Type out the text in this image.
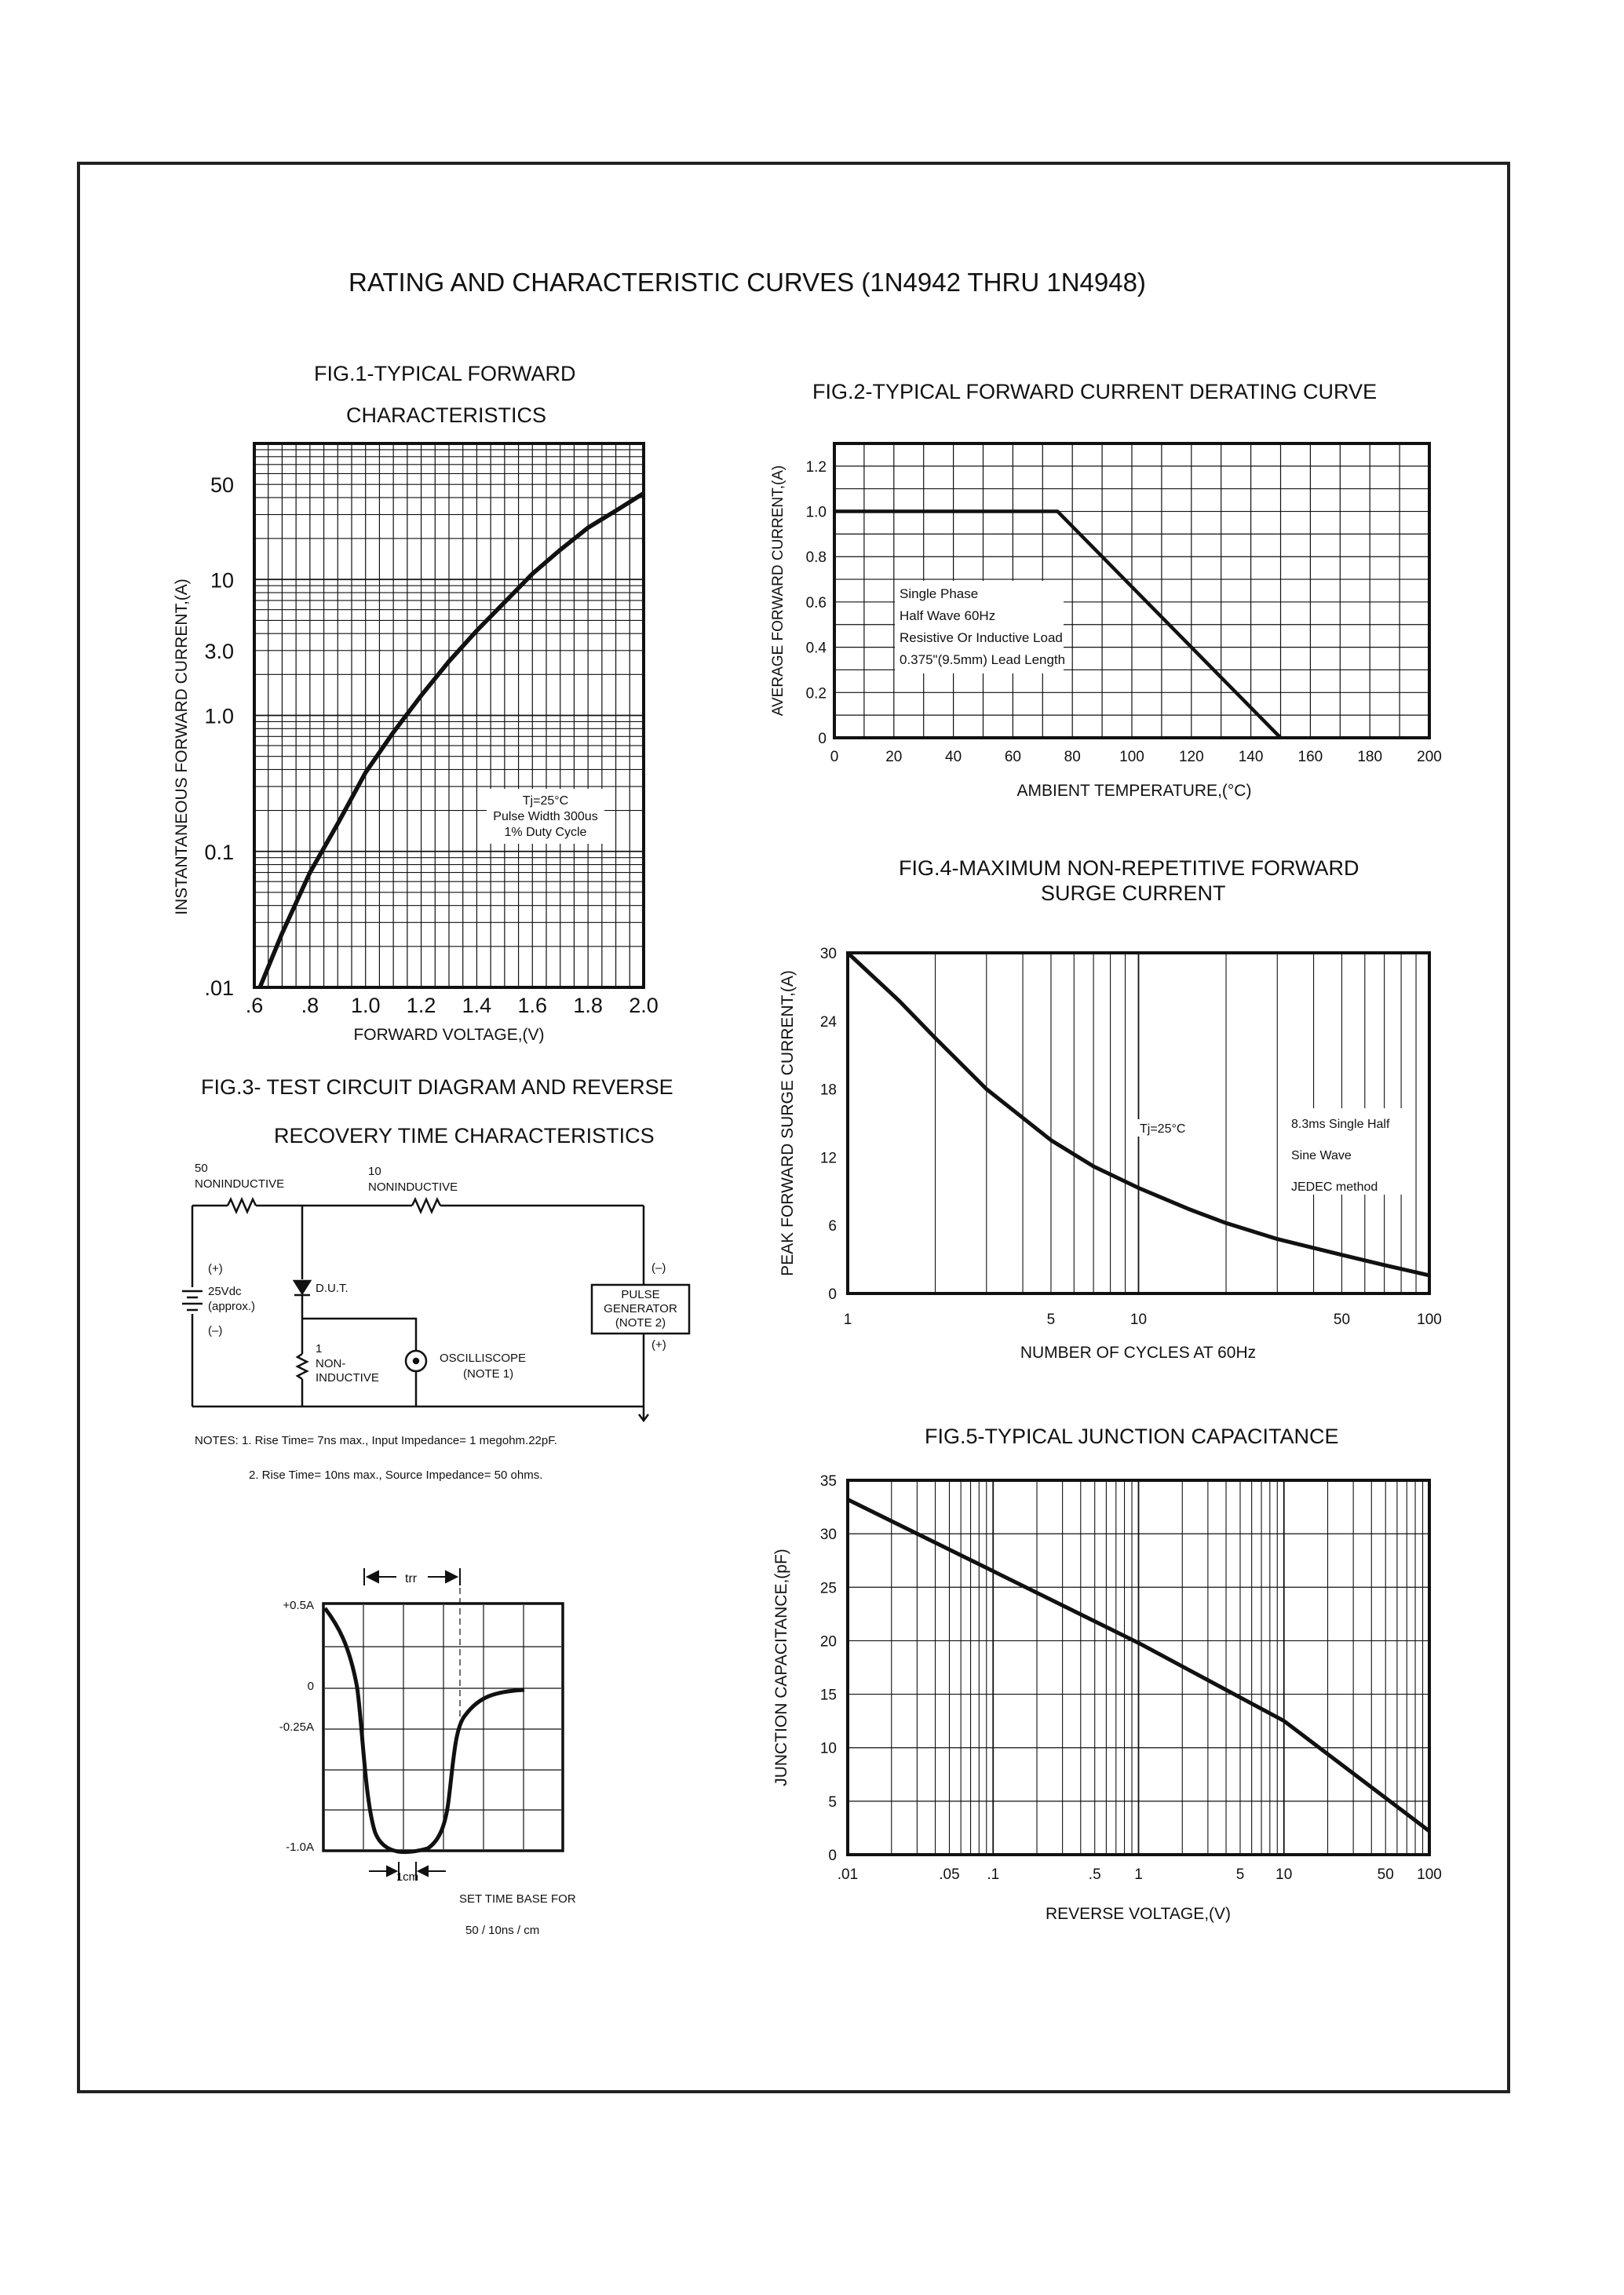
RATING AND CHARACTERISTIC CURVES (1N4942 THRU 1N4948)
FIG.1-TYPICAL FORWARD
CHARACTERISTICS
FIG.2-TYPICAL FORWARD CURRENT DERATING CURVE
FIG.4-MAXIMUM NON-REPETITIVE FORWARD
SURGE CURRENT
FIG.5-TYPICAL JUNCTION CAPACITANCE
FIG.3- TEST CIRCUIT DIAGRAM AND REVERSE
RECOVERY TIME CHARACTERISTICS
50
NONINDUCTIVE
10
NONINDUCTIVE
(+)
25Vdc
(approx.)
(–)
D.U.T.
1
NON-
INDUCTIVE
OSCILLISCOPE
(NOTE 1)
(–)
PULSE
GENERATOR
(NOTE 2)
(+)
NOTES: 1. Rise Time= 7ns max., Input Impedance= 1 megohm.22pF.
2. Rise Time= 10ns max., Source Impedance= 50 ohms.
trr
+0.5A
0
-0.25A
-1.0A
1cm
SET TIME BASE FOR
50 / 10ns / cm
Tj=25°C
Pulse Width 300us
1% Duty Cycle
.6 .8 1.0 1.2 1.4 1.6 1.8 2.0
.01
0.1
1.0
3.0
10
50
FORWARD VOLTAGE,(V)
INSTANTANEOUS FORWARD CURRENT,(A)	Single Phase
Half Wave 60Hz
Resistive Or Inductive Load
0.375"(9.5mm) Lead Length
0	20	40	60	80	100 120 140 160 180 200
0
0.2
0.4
0.6
0.8
1.0
1.2
AMBIENT TEMPERATURE,(°C)
AVERAGE FORWARD CURRENT,(A)
Tj=25°C	8.3ms Single Half
Sine Wave
JEDEC method
1	5	10	50	100
0
6
12
18
24
30
NUMBER OF CYCLES AT 60Hz
PEAK FORWARD SURGE CURRENT,(A)
.01	.05 .1	.5 1	5 10	50 100
0
5
10
15
20
25
30
35
REVERSE VOLTAGE,(V)
JUNCTION CAPACITANCE,(pF)
